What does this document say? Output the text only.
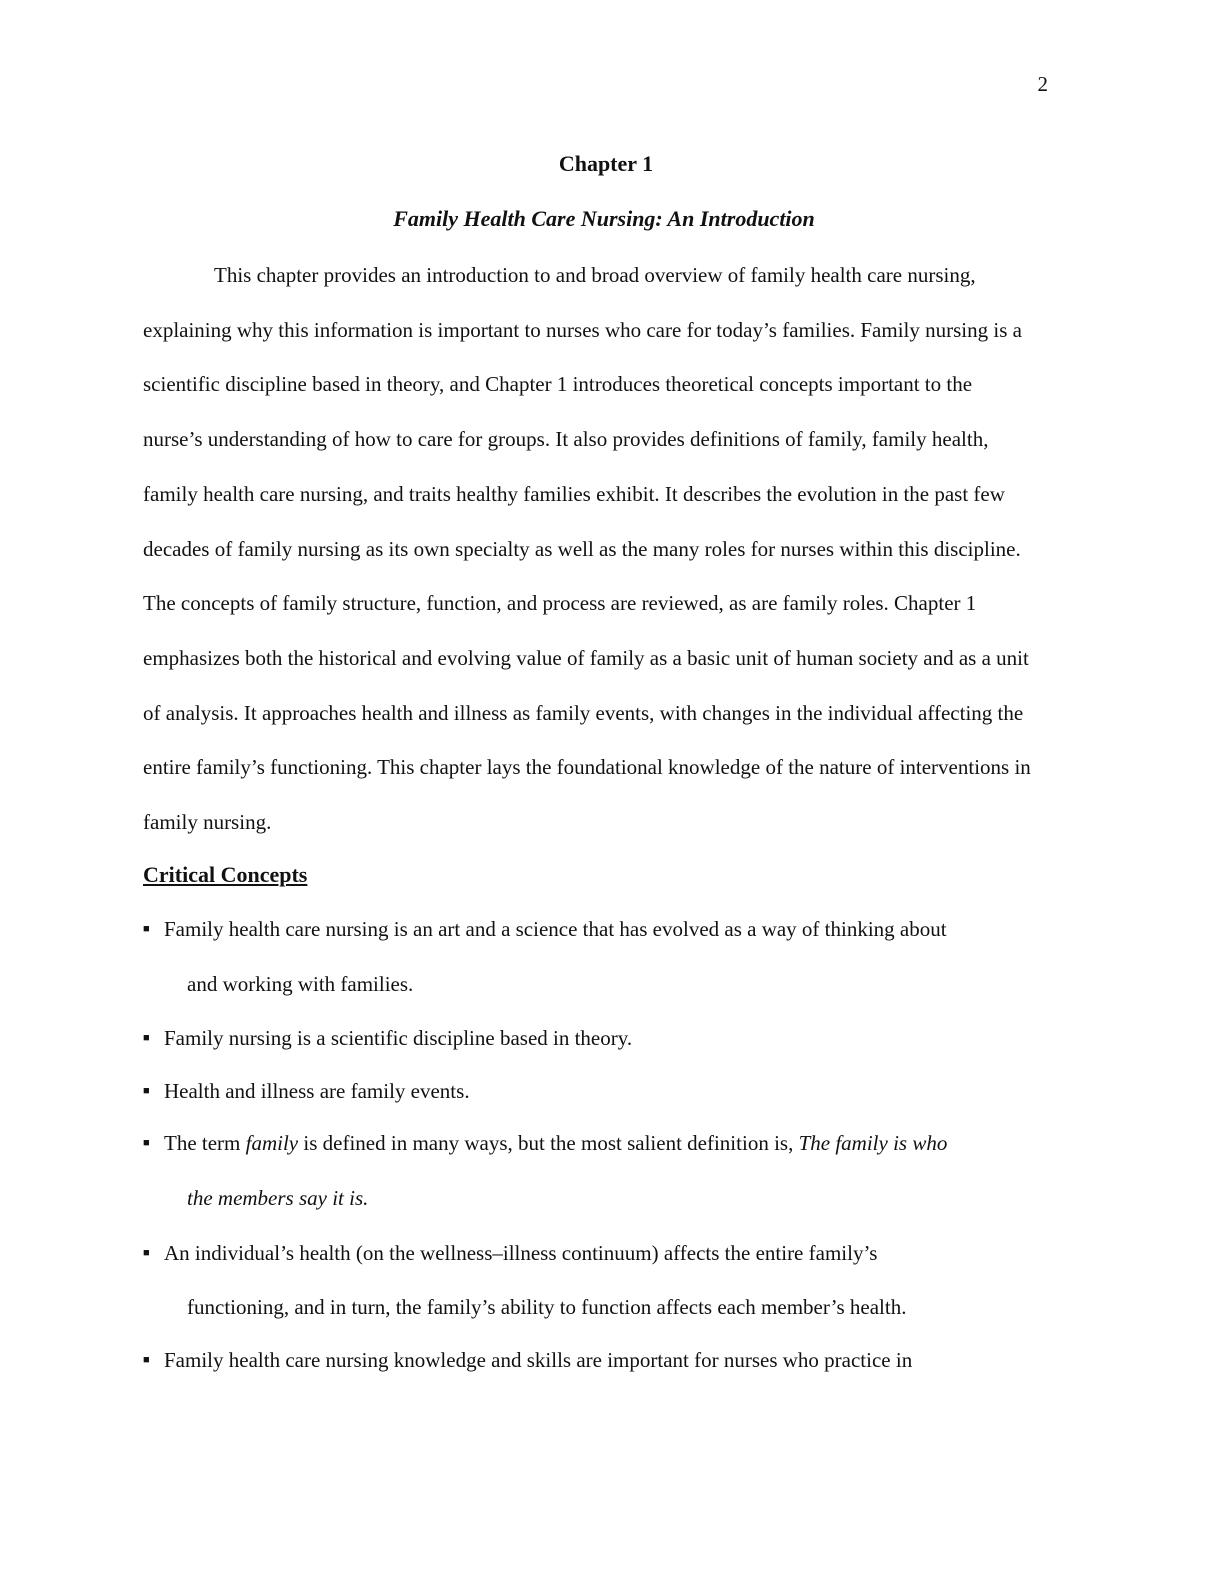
2
Chapter 1
Family Health Care Nursing: An Introduction
This chapter provides an introduction to and broad overview of family health care nursing,
explaining why this information is important to nurses who care for today’s families. Family nursing is a
scientific discipline based in theory, and Chapter 1 introduces theoretical concepts important to the
nurse’s understanding of how to care for groups. It also provides definitions of family, family health,
family health care nursing, and traits healthy families exhibit. It describes the evolution in the past few
decades of family nursing as its own specialty as well as the many roles for nurses within this discipline.
The concepts of family structure, function, and process are reviewed, as are family roles. Chapter 1
emphasizes both the historical and evolving value of family as a basic unit of human society and as a unit
of analysis. It approaches health and illness as family events, with changes in the individual affecting the
entire family’s functioning. This chapter lays the foundational knowledge of the nature of interventions in
family nursing.
Critical Concepts
■ Family health care nursing is an art and a science that has evolved as a way of thinking about
and working with families.
■ Family nursing is a scientific discipline based in theory.
■ Health and illness are family events.
■ The term family is defined in many ways, but the most salient definition is, The family is who
the members say it is.
■ An individual’s health (on the wellness–illness continuum) affects the entire family’s
functioning, and in turn, the family’s ability to function affects each member’s health.
■ Family health care nursing knowledge and skills are important for nurses who practice in
